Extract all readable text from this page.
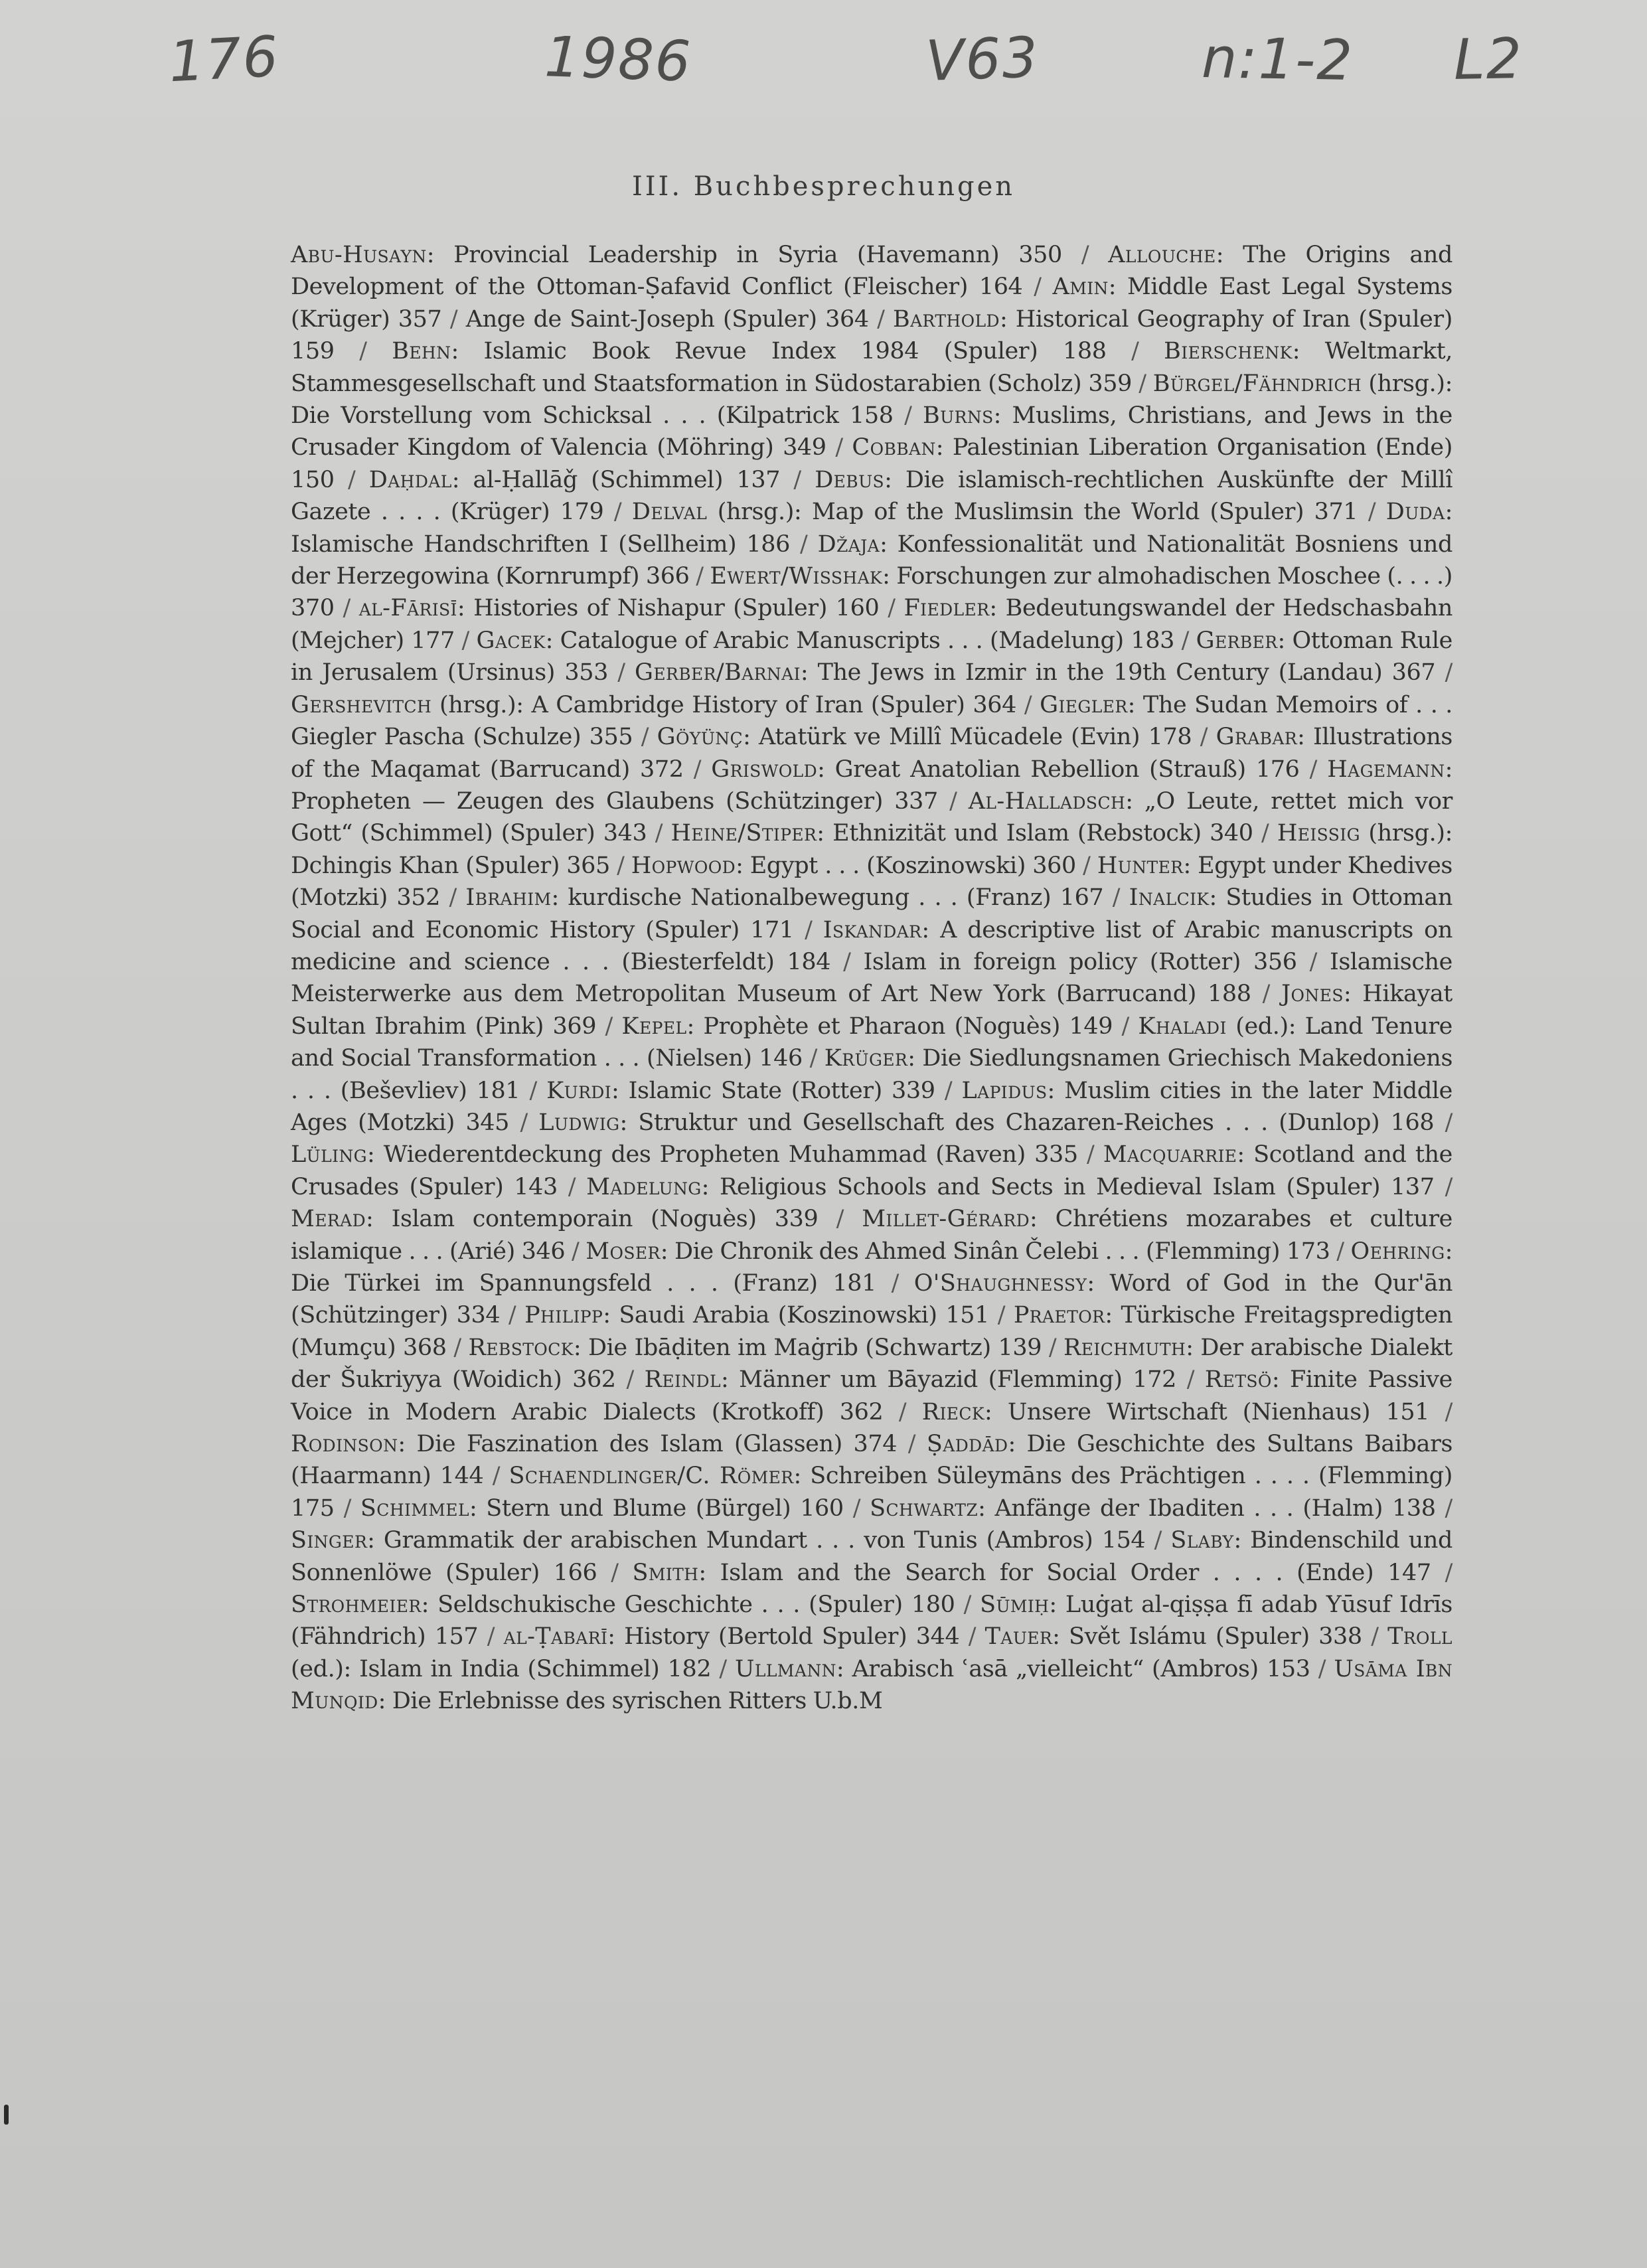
176	1986	V63	n:1-2 L2
III. Buchbesprechungen
Abu-Husayn: Provincial Leadership in Syria (Havemann) 350 / Allouche: The Origins and Development of the Ottoman-Ṣafavid Conflict (Fleischer) 164 / Amin: Middle East Legal Systems (Krüger) 357 / Ange de Saint-Joseph (Spuler) 364 / Barthold: Historical Geography of Iran (Spuler) 159 / Behn: Islamic Book Revue Index 1984 (Spuler) 188 / Bierschenk: Weltmarkt, Stammesgesellschaft und Staatsformation in Südostarabien (Scholz) 359 / Bürgel/Fähndrich (hrsg.): Die Vorstellung vom Schicksal . . . (Kilpatrick 158 / Burns: Muslims, Christians, and Jews in the Crusader Kingdom of Valencia (Möhring) 349 / Cobban: Palestinian Liberation Organisation (Ende) 150 / Daḥdal: al-Ḥallāǧ (Schimmel) 137 / Debus: Die islamisch-rechtlichen Auskünfte der Millî Gazete . . . . (Krüger) 179 / Delval (hrsg.): Map of the Muslimsin the World (Spuler) 371 / Duda: Islamische Handschriften I (Sellheim) 186 / Džaja: Konfessionalität und Nationalität Bosniens und der Herzegowina (Kornrumpf) 366 / Ewert/Wisshak: Forschungen zur almohadischen Moschee (. . . .) 370 / al-Fārisī: Histories of Nishapur (Spuler) 160 / Fiedler: Bedeutungswandel der Hedschasbahn (Mejcher) 177 / Gacek: Catalogue of Arabic Manuscripts . . . (Madelung) 183 / Gerber: Ottoman Rule in Jerusalem (Ursinus) 353 / Gerber/Barnai: The Jews in Izmir in the 19th Century (Landau) 367 / Gershevitch (hrsg.): A Cambridge History of Iran (Spuler) 364 / Giegler: The Sudan Memoirs of . . . Giegler Pascha (Schulze) 355 / Göyünç: Atatürk ve Millî Mücadele (Evin) 178 / Grabar: Illustrations of the Maqamat (Barrucand) 372 / Griswold: Great Anatolian Rebellion (Strauß) 176 / Hagemann: Propheten — Zeugen des Glaubens (Schützinger) 337 / Al-Halladsch: „O Leute, rettet mich vor Gott“ (Schimmel) (Spuler) 343 / Heine/Stiper: Ethnizität und Islam (Rebstock) 340 / Heissig (hrsg.): Dchingis Khan (Spuler) 365 / Hopwood: Egypt . . . (Koszinowski) 360 / Hunter: Egypt under Khedives (Motzki) 352 / Ibrahim: kurdische Nationalbewegung . . . (Franz) 167 / Inalcik: Studies in Ottoman Social and Economic History (Spuler) 171 / Iskandar: A descriptive list of Arabic manuscripts on medicine and science . . . (Biesterfeldt) 184 / Islam in foreign policy (Rotter) 356 / Islamische Meisterwerke aus dem Metropolitan Museum of Art New York (Barrucand) 188 / Jones: Hikayat Sultan Ibrahim (Pink) 369 / Kepel: Prophète et Pharaon (Noguès) 149 / Khaladi (ed.): Land Tenure and Social Transformation . . . (Nielsen) 146 / Krüger: Die Siedlungsnamen Griechisch Makedoniens . . . (Beševliev) 181 / Kurdi: Islamic State (Rotter) 339 / Lapidus: Muslim cities in the later Middle Ages (Motzki) 345 / Ludwig: Struktur und Gesellschaft des Chazaren-Reiches . . . (Dunlop) 168 / Lüling: Wiederentdeckung des Propheten Muhammad (Raven) 335 / Macquarrie: Scotland and the Crusades (Spuler) 143 / Madelung: Religious Schools and Sects in Medieval Islam (Spuler) 137 / Merad: Islam contemporain (Noguès) 339 / Millet-Gérard: Chrétiens mozarabes et culture islamique . . . (Arié) 346 / Moser: Die Chronik des Ahmed Sinân Čelebi . . . (Flemming) 173 / Oehring: Die Türkei im Spannungsfeld . . . (Franz) 181 / O'Shaughnessy: Word of God in the Qur'ān (Schützinger) 334 / Philipp: Saudi Arabia (Koszinowski) 151 / Praetor: Türkische Freitagspredigten (Mumçu) 368 / Rebstock: Die Ibāḍiten im Maġrib (Schwartz) 139 / Reichmuth: Der arabische Dialekt der Šukriyya (Woidich) 362 / Reindl: Männer um Bāyazid (Flemming) 172 / Retsö: Finite Passive Voice in Modern Arabic Dialects (Krotkoff) 362 / Rieck: Unsere Wirtschaft (Nienhaus) 151 / Rodinson: Die Faszination des Islam (Glassen) 374 / Ṣaddād: Die Geschichte des Sultans Baibars (Haarmann) 144 / Schaendlinger/C. Römer: Schreiben Süleymāns des Prächtigen . . . . (Flemming) 175 / Schimmel: Stern und Blume (Bürgel) 160 / Schwartz: Anfänge der Ibaditen . . . (Halm) 138 / Singer: Grammatik der arabischen Mundart . . . von Tunis (Ambros) 154 / Slaby: Bindenschild und Sonnenlöwe (Spuler) 166 / Smith: Islam and the Search for Social Order . . . . (Ende) 147 / Strohmeier: Seldschukische Geschichte . . . (Spuler) 180 / Sūmiḥ: Luġat al-qiṣṣa fī adab Yūsuf Idrīs (Fähndrich) 157 / al-Ṭabarī: History (Bertold Spuler) 344 / Tauer: Svět Islámu (Spuler) 338 / Troll (ed.): Islam in India (Schimmel) 182 / Ullmann: Arabisch ʿasā „vielleicht“ (Ambros) 153 / Usāma Ibn Munqid: Die Erlebnisse des syrischen Ritters U.b.M
